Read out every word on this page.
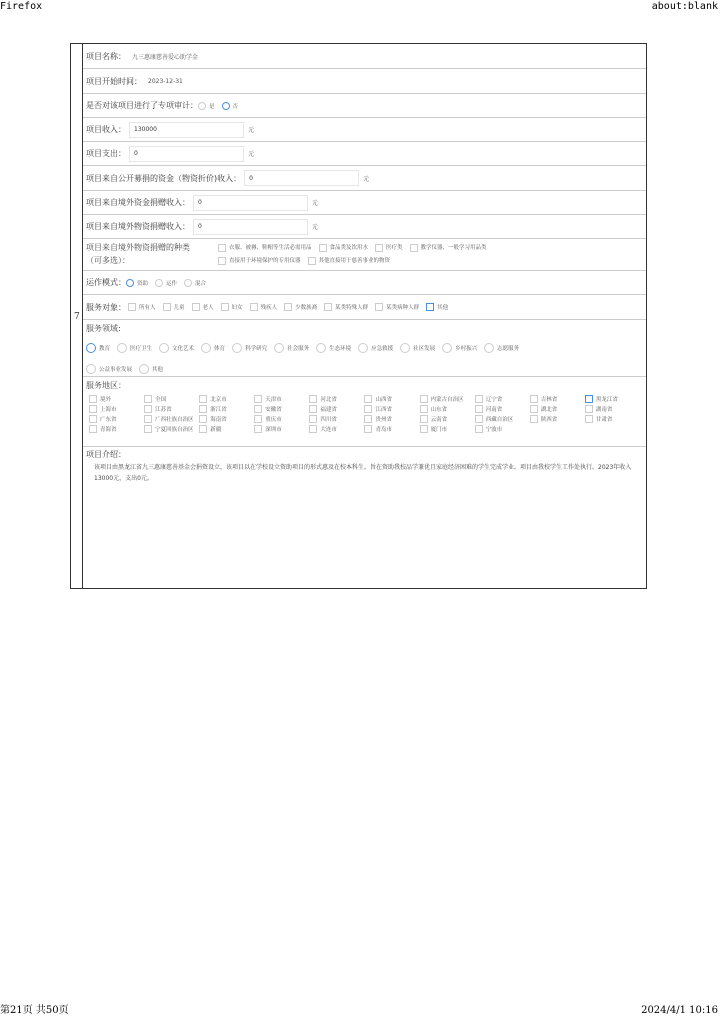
Firefox	about:blank
7
项目名称： 九三惠康慈善爱心助学金
项目开始时间： 2023-12-31
是否对该项目进行了专项审计：	是	否
项目收入：	130000	元
项目支出：	0	元
项目来自公开募捐的资金（物资折价)收入：	0	元
项目来自境外资金捐赠收入：	0	元
项目来自境外物资捐赠收入：	0	元
项目来自境外物资捐赠的种类
（可多选）：
衣服、被褥、鞋帽等生活必需用品	食品类及饮用水	医疗类	教学仪器、一般学习用品类
直接用于环境保护的专用仪器	其他直接用于慈善事业的物资
运作模式：	资助	运作	混合
服务对象：	所有人	儿童	老人	妇女	残疾人	少数族裔	某类特殊人群	某类病种人群	其他
服务领域:
教育	医疗卫生	文化艺术	体育	科学研究	社会服务	生态环境	应急救援	社区发展	乡村振兴	志愿服务
公益事业发展	其他
服务地区：
境外	全国	北京市	天津市	河北省	山西省	内蒙古自治区	辽宁省	吉林省	黑龙江省
上海市	江苏省	浙江省	安徽省	福建省	江西省	山东省	河南省	湖北省	湖南省
广东省	广西壮族自治区	海南省	重庆市	四川省	贵州省	云南省	西藏自治区	陕西省	甘肃省
青海省	宁夏回族自治区	新疆	深圳市	大连市	青岛市	厦门市	宁波市
项目介绍：
该项目由黑龙江省九三惠康慈善基金会捐资设立，该项目以在学校设立资助项目的形式惠及在校本科生。旨在资助我校品学兼优且家庭经济困难的学生完成学业。项目由我校学生工作处执行。2023年收入13000元，支出0元。
第21页 共50页	2024/4/1 10:16
